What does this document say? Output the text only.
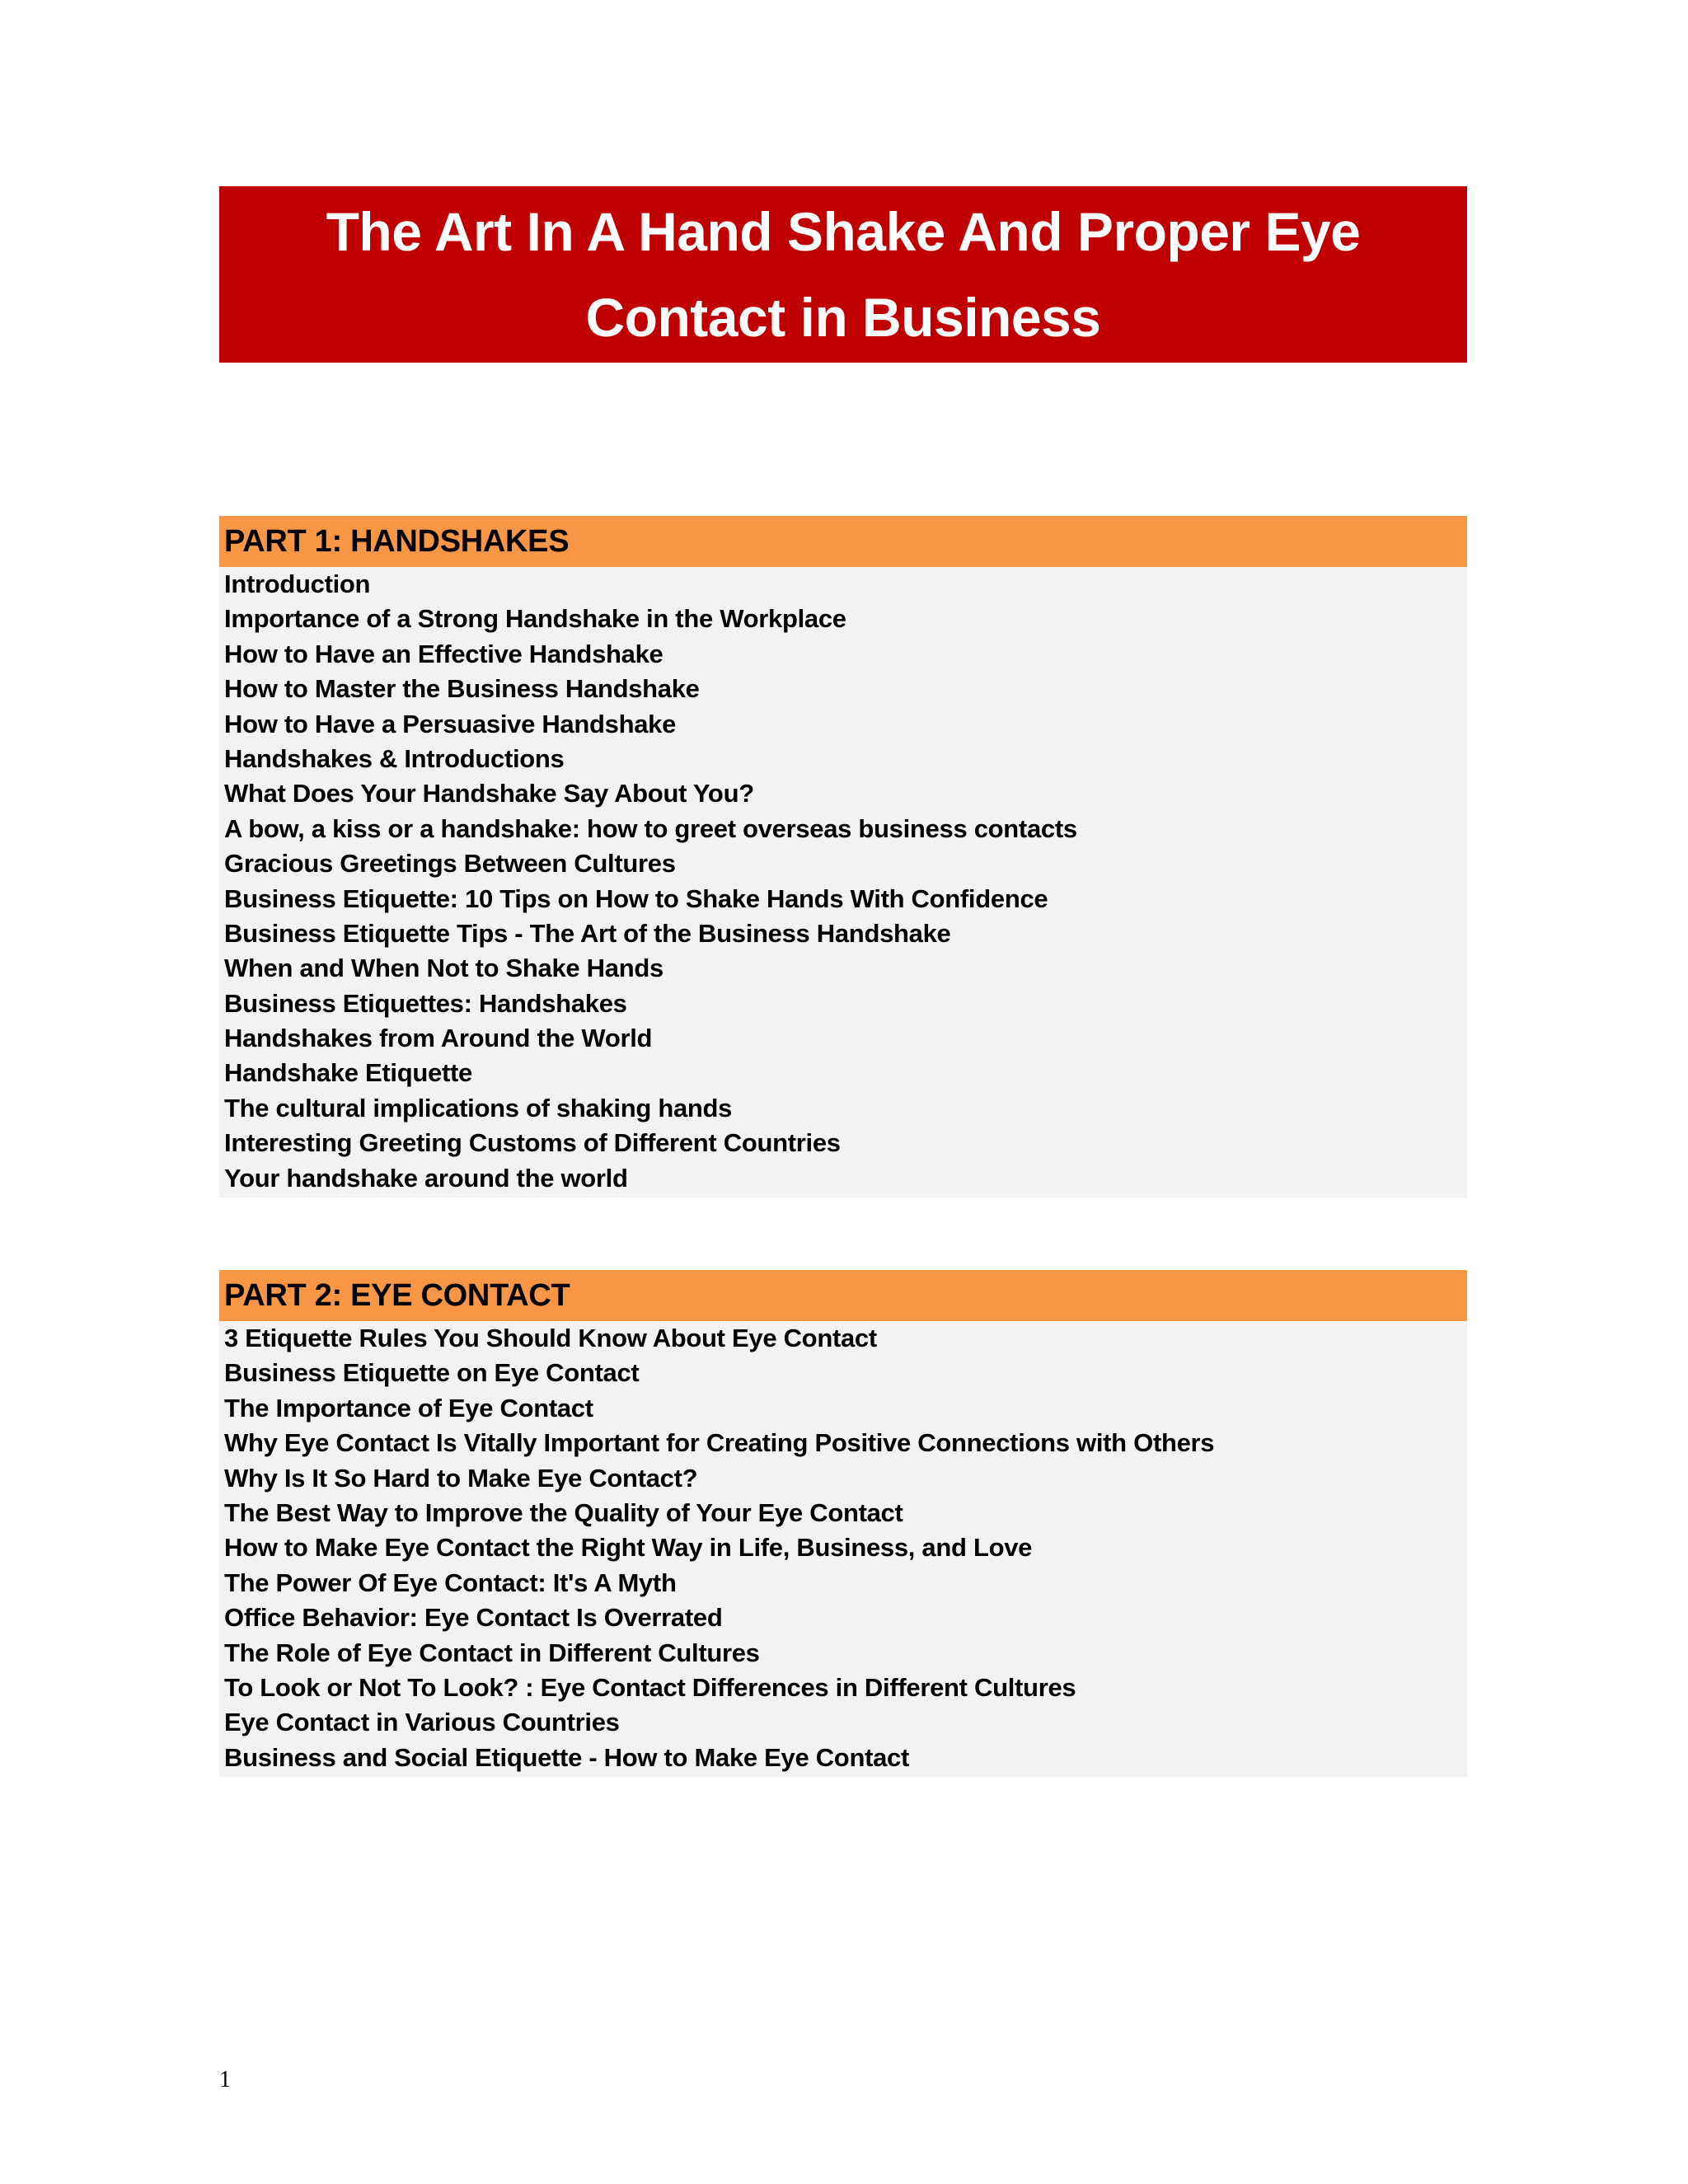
The Art In A Hand Shake And Proper Eye Contact in Business
PART 1: HANDSHAKES
Introduction
Importance of a Strong Handshake in the Workplace
How to Have an Effective Handshake
How to Master the Business Handshake
How to Have a Persuasive Handshake
Handshakes & Introductions
What Does Your Handshake Say About You?
A bow, a kiss or a handshake: how to greet overseas business contacts
Gracious Greetings Between Cultures
Business Etiquette: 10 Tips on How to Shake Hands With Confidence
Business Etiquette Tips - The Art of the Business Handshake
When and When Not to Shake Hands
Business Etiquettes: Handshakes
Handshakes from Around the World
Handshake Etiquette
The cultural implications of shaking hands
Interesting Greeting Customs of Different Countries
Your handshake around the world
PART 2: EYE CONTACT
3 Etiquette Rules You Should Know About Eye Contact
Business Etiquette on Eye Contact
The Importance of Eye Contact
Why Eye Contact Is Vitally Important for Creating Positive Connections with Others
Why Is It So Hard to Make Eye Contact?
The Best Way to Improve the Quality of Your Eye Contact
How to Make Eye Contact the Right Way in Life, Business, and Love
The Power Of Eye Contact: It's A Myth
Office Behavior: Eye Contact Is Overrated
The Role of Eye Contact in Different Cultures
To Look or Not To Look? : Eye Contact Differences in Different Cultures
Eye Contact in Various Countries
Business and Social Etiquette - How to Make Eye Contact
1
